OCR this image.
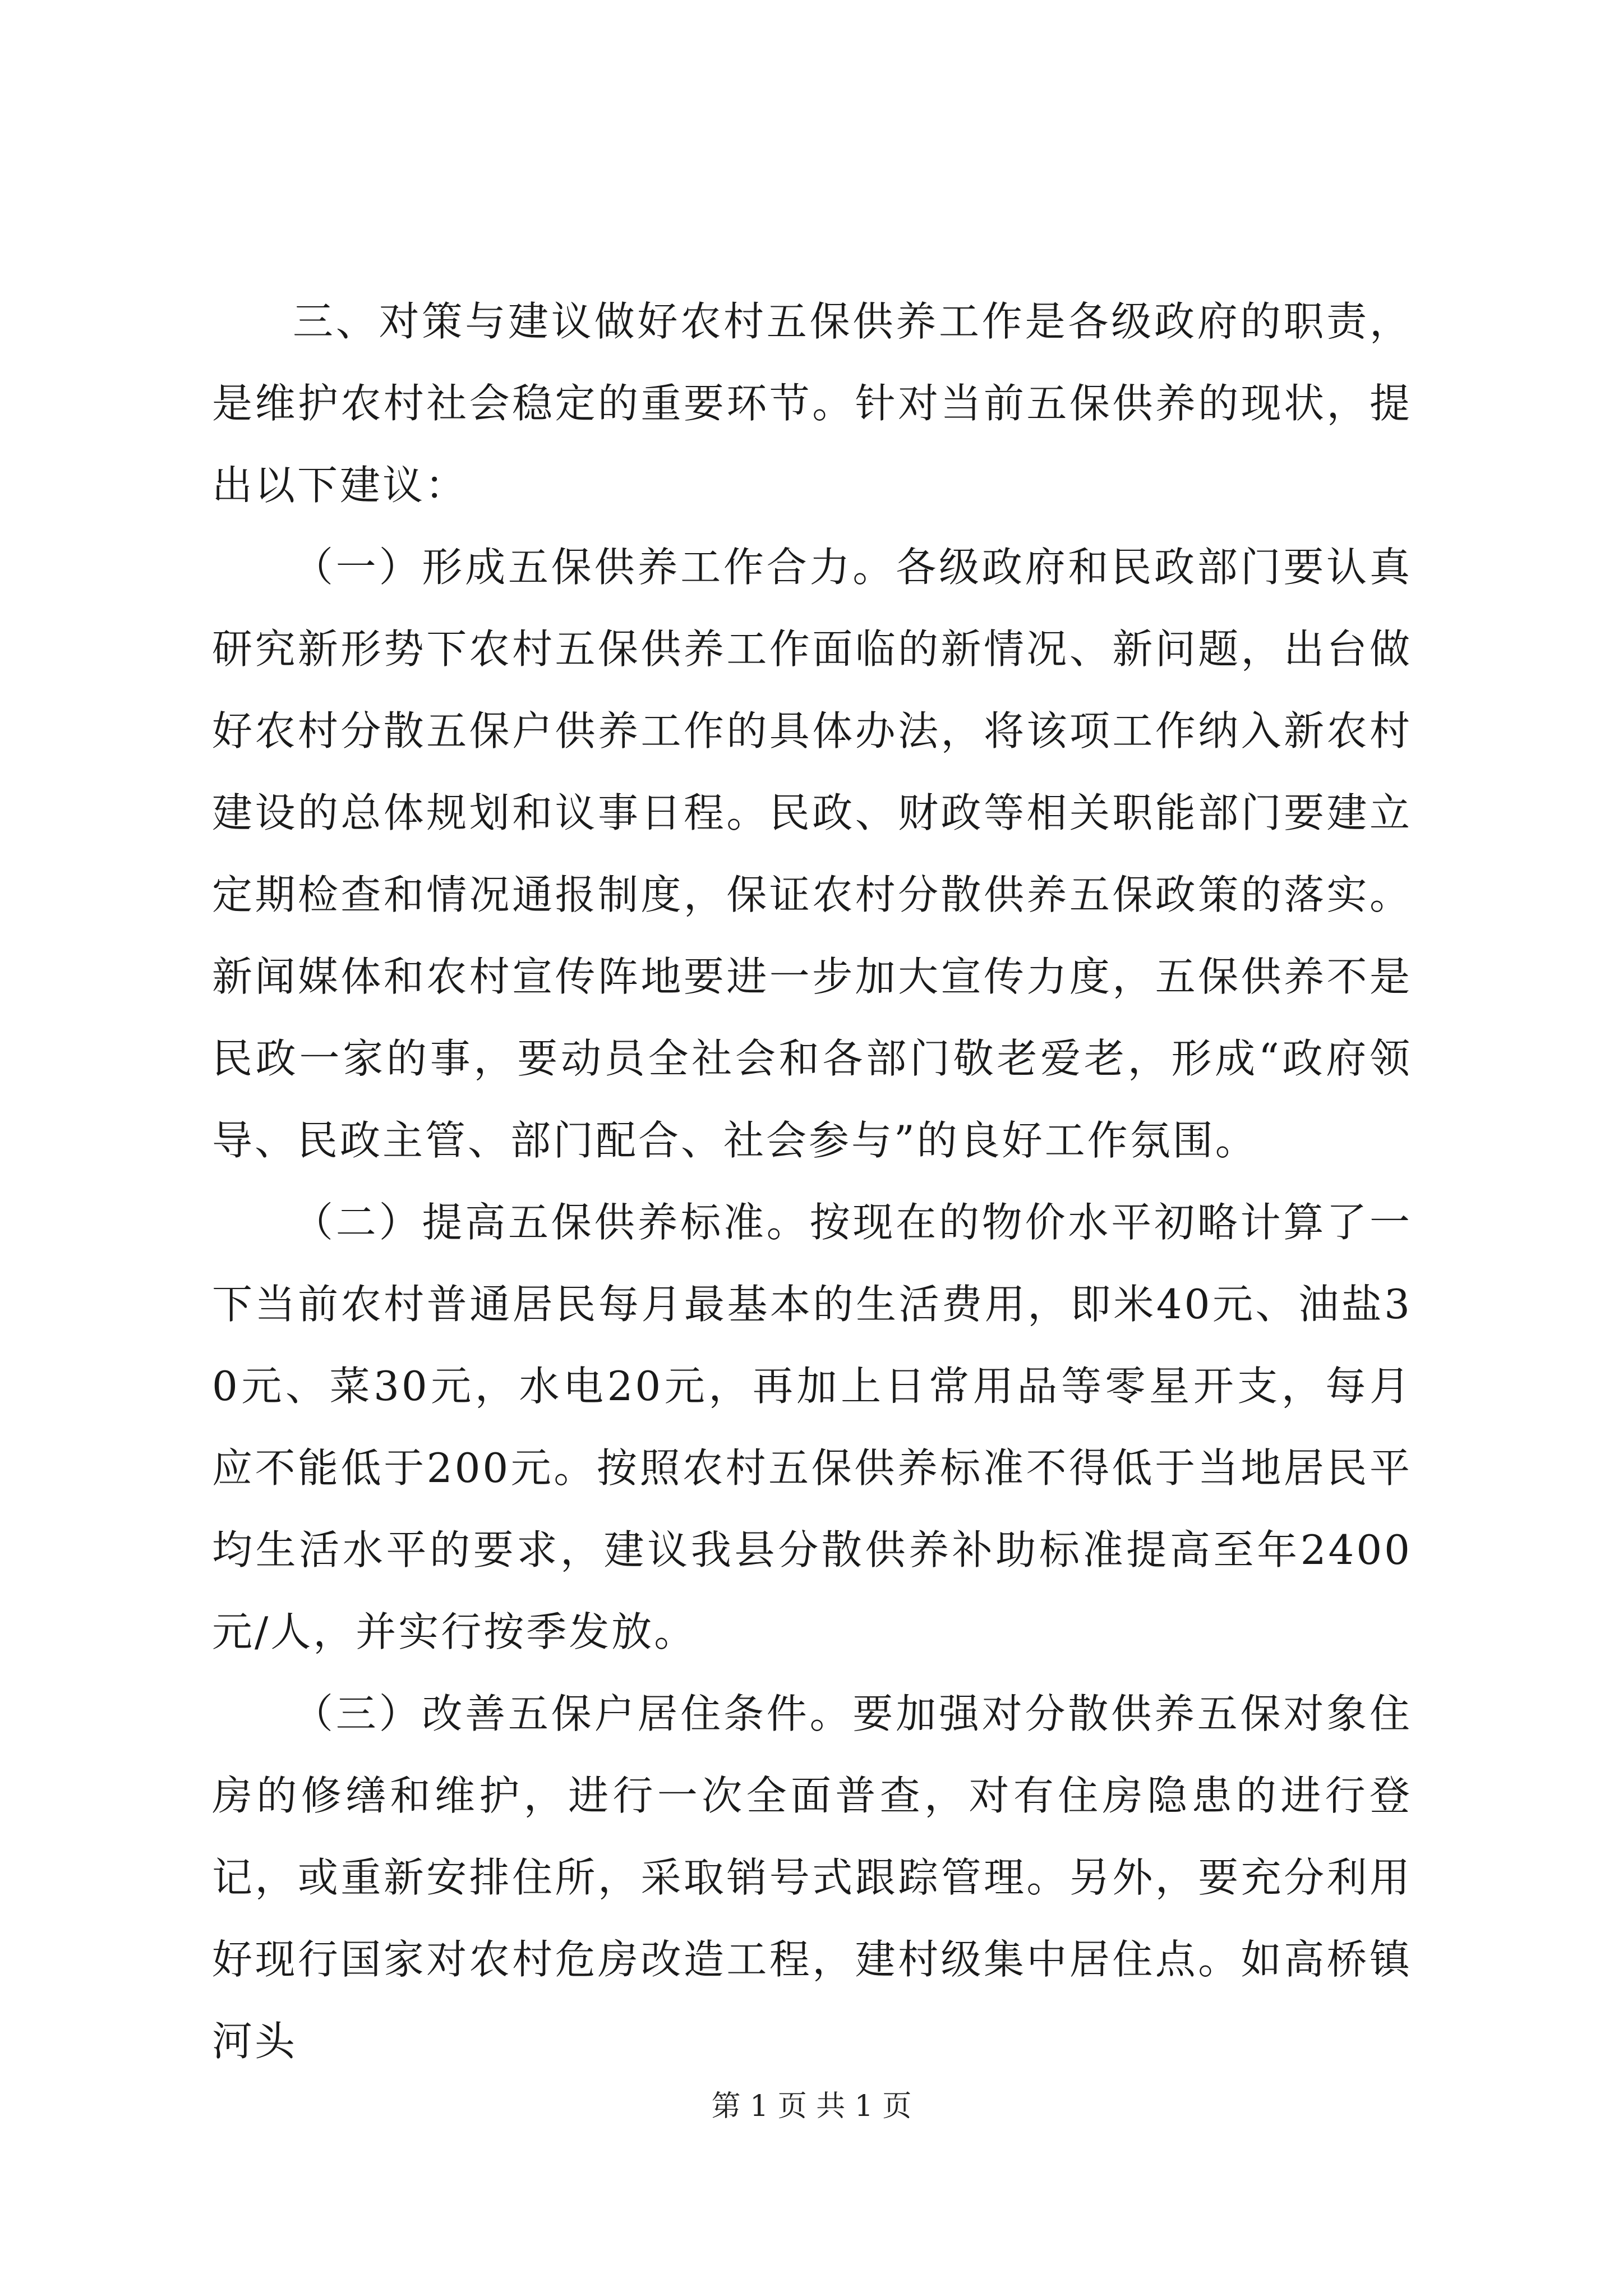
三、对策与建议做好农村五保供养工作是各级政府的职责，是维护农村社会稳定的重要环节。针对当前五保供养的现状，提出以下建议：

（一）形成五保供养工作合力。各级政府和民政部门要认真研究新形势下农村五保供养工作面临的新情况、新问题，出台做好农村分散五保户供养工作的具体办法，将该项工作纳入新农村建设的总体规划和议事日程。民政、财政等相关职能部门要建立定期检查和情况通报制度，保证农村分散供养五保政策的落实。新闻媒体和农村宣传阵地要进一步加大宣传力度，五保供养不是民政一家的事，要动员全社会和各部门敬老爱老，形成“政府领导、民政主管、部门配合、社会参与”的良好工作氛围。

（二）提高五保供养标准。按现在的物价水平初略计算了一下当前农村普通居民每月最基本的生活费用，即米40元、油盐30元、菜30元，水电20元，再加上日常用品等零星开支，每月应不能低于200元。按照农村五保供养标准不得低于当地居民平均生活水平的要求，建议我县分散供养补助标准提高至年2400元/人，并实行按季发放。

（三）改善五保户居住条件。要加强对分散供养五保对象住房的修缮和维护，进行一次全面普查，对有住房隐患的进行登记，或重新安排住所，采取销号式跟踪管理。另外，要充分利用好现行国家对农村危房改造工程，建村级集中居住点。如高桥镇河头

第 1 页 共 1 页
